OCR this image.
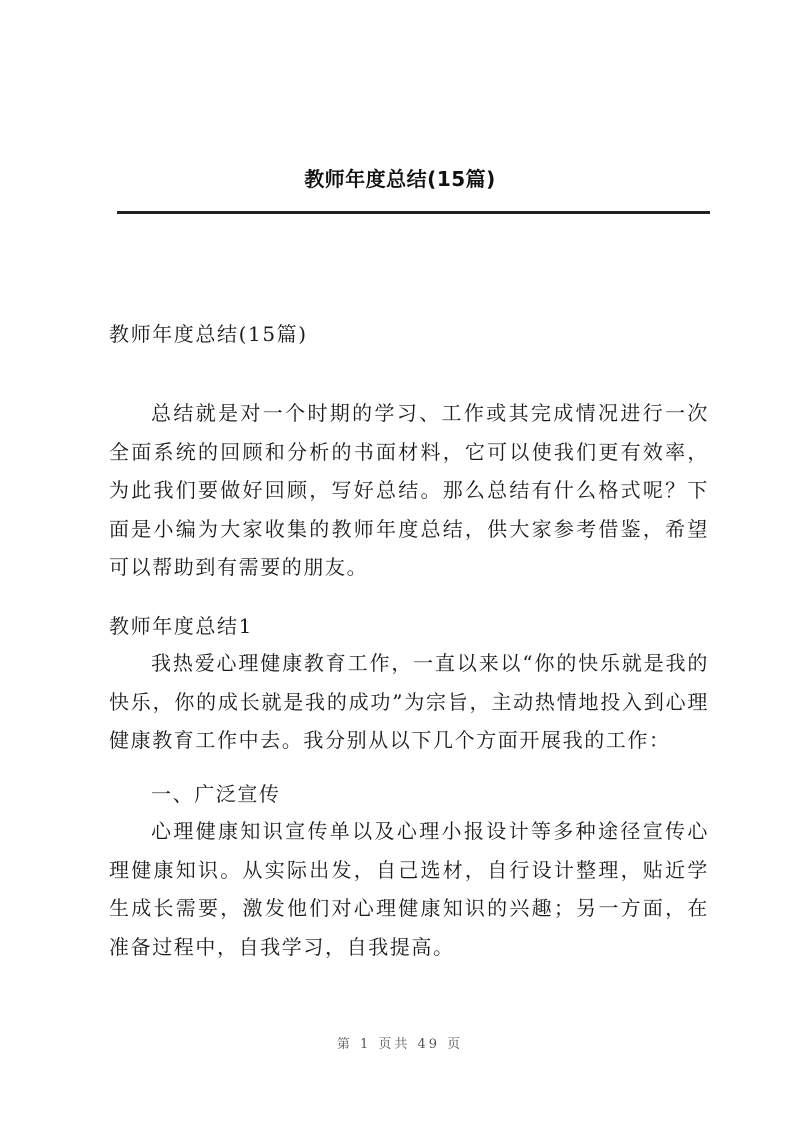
教师年度总结(15篇)
教师年度总结(15篇)
总结就是对一个时期的学习、工作或其完成情况进行一次全面系统的回顾和分析的书面材料，它可以使我们更有效率，为此我们要做好回顾，写好总结。那么总结有什么格式呢？下面是小编为大家收集的教师年度总结，供大家参考借鉴，希望可以帮助到有需要的朋友。
教师年度总结1
我热爱心理健康教育工作，一直以来以“你的快乐就是我的快乐，你的成长就是我的成功”为宗旨，主动热情地投入到心理健康教育工作中去。我分别从以下几个方面开展我的工作：
一、广泛宣传
心理健康知识宣传单以及心理小报设计等多种途径宣传心理健康知识。从实际出发，自己选材，自行设计整理，贴近学生成长需要，激发他们对心理健康知识的兴趣；另一方面，在准备过程中，自我学习，自我提高。
第 1 页共 49 页
